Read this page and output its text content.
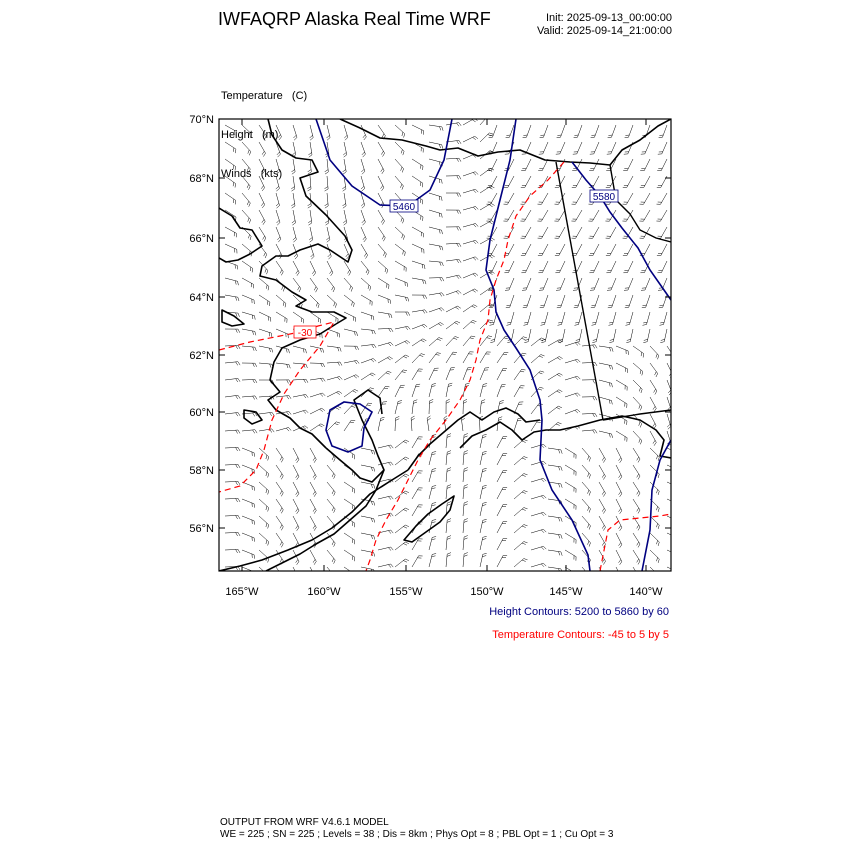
IWFAQRP Alaska Real Time WRF	Init: 2025-09-13_00:00:00
Valid: 2025-09-14_21:00:00

Temperature   (C)

Height   (m)

Winds   (kts)

5460
5580
-30
70°N
68°N
66°N
64°N
62°N
60°N
58°N
56°N
165°W	160°W	155°W	150°W	145°W	140°W
Height Contours: 5200 to 5860 by 60
Temperature Contours: -45 to 5 by 5
OUTPUT FROM WRF V4.6.1 MODEL
WE = 225 ; SN = 225 ; Levels = 38 ; Dis = 8km ; Phys Opt = 8 ; PBL Opt = 1 ; Cu Opt = 3
